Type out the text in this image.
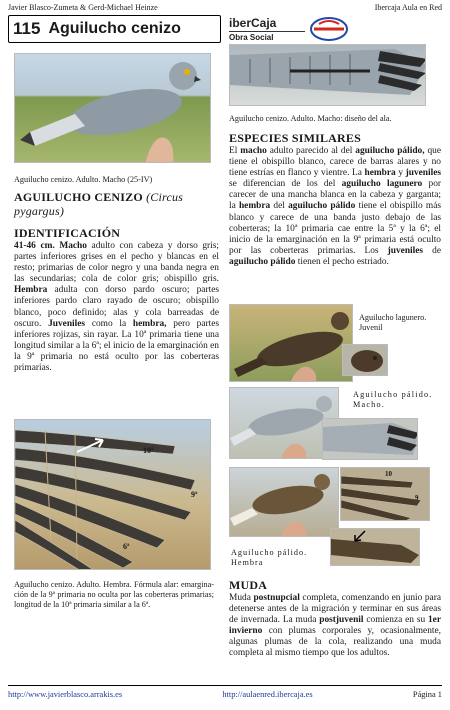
Javier Blasco-Zumeta & Gerd-Michael Heinze	Ibercaja Aula en Red
115 Aguilucho cenizo	iberCaja
Obra Social
Aguilucho cenizo. Adulto. Macho (25-IV)
Aguilucho cenizo. Adulto. Macho: diseño del ala.
AGUILUCHO CENIZO (Circus pygargus)
IDENTIFICACIÓN

41-46 cm. Macho adulto con cabeza y dorso gris; partes inferiores grises en el pecho y blancas en el resto; primarias de color negro y una banda negra en las secundarias; cola de color gris; obispillo gris. Hembra adulta con dorso pardo oscuro; partes inferiores pardo claro rayado de oscuro; obispillo blanco, poco definido; alas y cola barreadas de oscuro. Juveniles como la hembra, pero partes inferiores rojizas, sin rayar. La 10ª primaria tiene una longitud similar a la 6ª; el inicio de la emarginación en la 9ª primaria no está oculto por las coberteras primarias.

10ª
9ª
6ª
Aguilucho cenizo. Adulto. Hembra. Fórmula alar: emarginación de la 9ª primaria no oculta por las coberteras primarias; longitud de la 10ª primaria similar a la 6ª.
ESPECIES SIMILARES

El macho adulto parecido al del aguilucho pálido, que tiene el obispillo blanco, carece de barras alares y no tiene estrías en flanco y vientre. La hembra y juveniles se diferencian de los del aguilucho lagunero por carecer de una mancha blanca en la cabeza y garganta; la hembra del aguilucho pálido tiene el obispillo más blanco y carece de una banda justo debajo de las coberteras; la 10ª primaria cae entre la 5ª y la 6ª; el inicio de la emarginación en la 9ª primaria está oculto por las coberteras primarias. Los juveniles de aguilucho pálido tienen el pecho estriado.

Aguilucho lagunero. Juvenil
Aguilucho pálido. Macho.
10
9
Aguilucho pálido. Hembra
MUDA

Muda postnupcial completa, comenzando en junio para detenerse antes de la migración y terminar en sus áreas de invernada. La muda postjuvenil comienza en su 1er invierno con plumas corporales y, ocasionalmente, algunas plumas de la cola, realizando una muda completa al mismo tiempo que los adultos.

http://www.javierblasco.arrakis.es	http://aulaenred.ibercaja.es	Página 1
